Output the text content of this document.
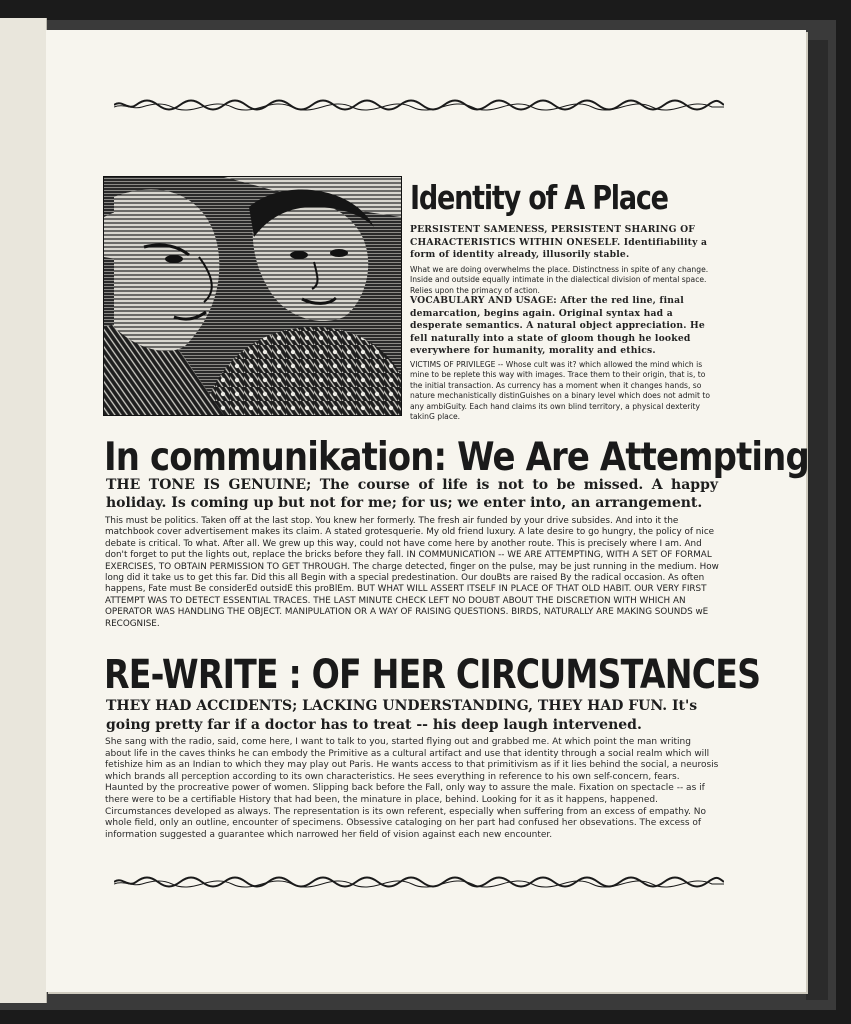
Identity of A Place

PERSISTENT SAMENESS, PERSISTENT SHARING OF CHARACTERISTICS WITHIN ONESELF. Identifiability a form of identity already, illusorily stable.

What we are doing overwhelms the place. Distinctness in spite of any change. Inside and outside equally intimate in the dialectical division of mental space. Relies upon the primacy of action.

VOCABULARY AND USAGE: After the red line, final demarcation, begins again. Original syntax had a desperate semantics. A natural object appreciation. He fell naturally into a state of gloom though he looked everywhere for humanity, morality and ethics.

VICTIMS OF PRIVILEGE -- Whose cult was it? which allowed the mind which is mine to be replete this way with images. Trace them to their origin, that is, to the initial transaction. As currency has a moment when it changes hands, so nature mechanistically distinGuishes on a binary level which does not admit to any ambiGuity. Each hand claims its own blind territory, a physical dexterity takinG place.

In communikation: We Are Attempting

THE TONE IS GENUINE; The course of life is not to be missed. A happy holiday. Is coming up but not for me; for us; we enter into, an arrangement.

This must be politics. Taken off at the last stop. You knew her formerly. The fresh air funded by your drive subsides. And into it the matchbook cover advertisement makes its claim. A stated grotesquerie. My old friend luxury. A late desire to go hungry, the policy of nice debate is critical. To what. After all. We grew up this way, could not have come here by another route. This is precisely where I am. And don't forget to put the lights out, replace the bricks before they fall. IN COMMUNICATION -- WE ARE ATTEMPTING, WITH A SET OF FORMAL EXERCISES, TO OBTAIN PERMISSION TO GET THROUGH. The charge detected, finger on the pulse, may be just running in the medium. How long did it take us to get this far. Did this all Begin with a special predestination. Our douBts are raised By the radical occasion. As often happens, Fate must Be considerEd outsidE this proBlEm. BUT WHAT WILL ASSERT ITSELF IN PLACE OF THAT OLD HABIT. OUR VERY FIRST ATTEMPT WAS TO DETECT ESSENTIAL TRACES. THE LAST MINUTE CHECK LEFT NO DOUBT ABOUT THE DISCRETION WITH WHICH AN OPERATOR WAS HANDLING THE OBJECT. MANIPULATION OR A WAY OF RAISING QUESTIONS. BIRDS, NATURALLY ARE MAKING SOUNDS wE RECOGNISE.

RE-WRITE : OF HER CIRCUMSTANCES

THEY HAD ACCIDENTS; LACKING UNDERSTANDING, THEY HAD FUN. It's going pretty far if a doctor has to treat -- his deep laugh intervened.

She sang with the radio, said, come here, I want to talk to you, started flying out and grabbed me. At which point the man writing about life in the caves thinks he can embody the Primitive as a cultural artifact and use that identity through a social realm which will fetishize him as an Indian to which they may play out Paris. He wants access to that primitivism as if it lies behind the social, a neurosis which brands all perception according to its own characteristics. He sees everything in reference to his own self-concern, fears. Haunted by the procreative power of women. Slipping back before the Fall, only way to assure the male. Fixation on spectacle -- as if there were to be a certifiable History that had been, the minature in place, behind. Looking for it as it happens, happened. Circumstances developed as always. The representation is its own referent, especially when suffering from an excess of empathy. No whole field, only an outline, encounter of specimens. Obsessive cataloging on her part had confused her obsevations. The excess of information suggested a guarantee which narrowed her field of vision against each new encounter.
